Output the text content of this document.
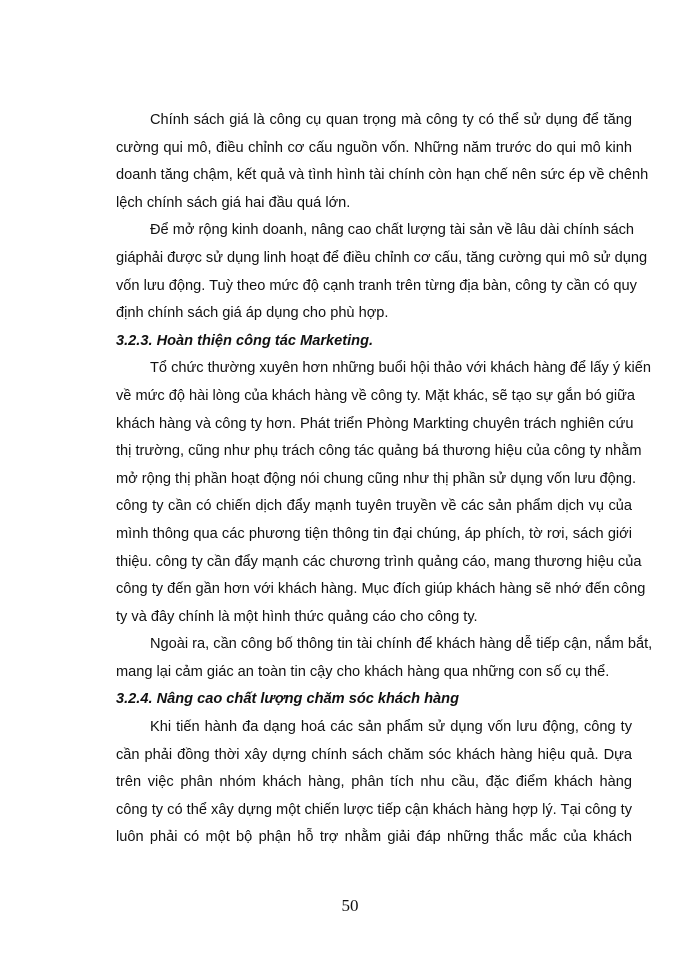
Chính sách giá là công cụ quan trọng mà công ty có thể sử dụng để tăng
cường qui mô, điều chỉnh cơ cấu nguồn vốn. Những năm trước do qui mô kinh
doanh tăng chậm, kết quả và tình hình tài chính còn hạn chế nên sức ép về chênh
lệch chính sách giá hai đầu quá lớn.
Để mở rộng kinh doanh, nâng cao chất lượng tài sản về lâu dài chính sách
giáphải được sử dụng linh hoạt để điều chỉnh cơ cấu, tăng cường qui mô sử dụng
vốn lưu động. Tuỳ theo mức độ cạnh tranh trên từng địa bàn, công ty cần có quy
định chính sách giá áp dụng cho phù hợp.
3.2.3. Hoàn thiện công tác Marketing.
Tổ chức thường xuyên hơn những buổi hội thảo với khách hàng để lấy ý kiến
về mức độ hài lòng của khách hàng về công ty. Mặt khác, sẽ tạo sự gắn bó giữa
khách hàng và công ty hơn. Phát triển Phòng Markting chuyên trách nghiên cứu
thị trường, cũng như phụ trách công tác quảng bá thương hiệu của công ty nhằm
mở rộng thị phần hoạt động nói chung cũng như thị phần sử dụng vốn lưu động.
công ty cần có chiến dịch đẩy mạnh tuyên truyền về các sản phẩm dịch vụ của
mình thông qua các phương tiện thông tin đại chúng, áp phích, tờ rơi, sách giới
thiệu. công ty cần đẩy mạnh các chương trình quảng cáo, mang thương hiệu của
công ty đến gần hơn với khách hàng. Mục đích giúp khách hàng sẽ nhớ đến công
ty và đây chính là một hình thức quảng cáo cho công ty.
Ngoài ra, cần công bố thông tin tài chính để khách hàng dễ tiếp cận, nắm bắt,
mang lại cảm giác an toàn tin cậy cho khách hàng qua những con số cụ thể.
3.2.4. Nâng cao chất lượng chăm sóc khách hàng
Khi tiến hành đa dạng hoá các sản phẩm sử dụng vốn lưu động, công ty
cần phải đồng thời xây dựng chính sách chăm sóc khách hàng hiệu quả. Dựa
trên việc phân nhóm khách hàng, phân tích nhu cầu, đặc điểm khách hàng
công ty có thể xây dựng một chiến lược tiếp cận khách hàng hợp lý. Tại công ty
luôn phải có một bộ phận hỗ trợ nhằm giải đáp những thắc mắc của khách
50
